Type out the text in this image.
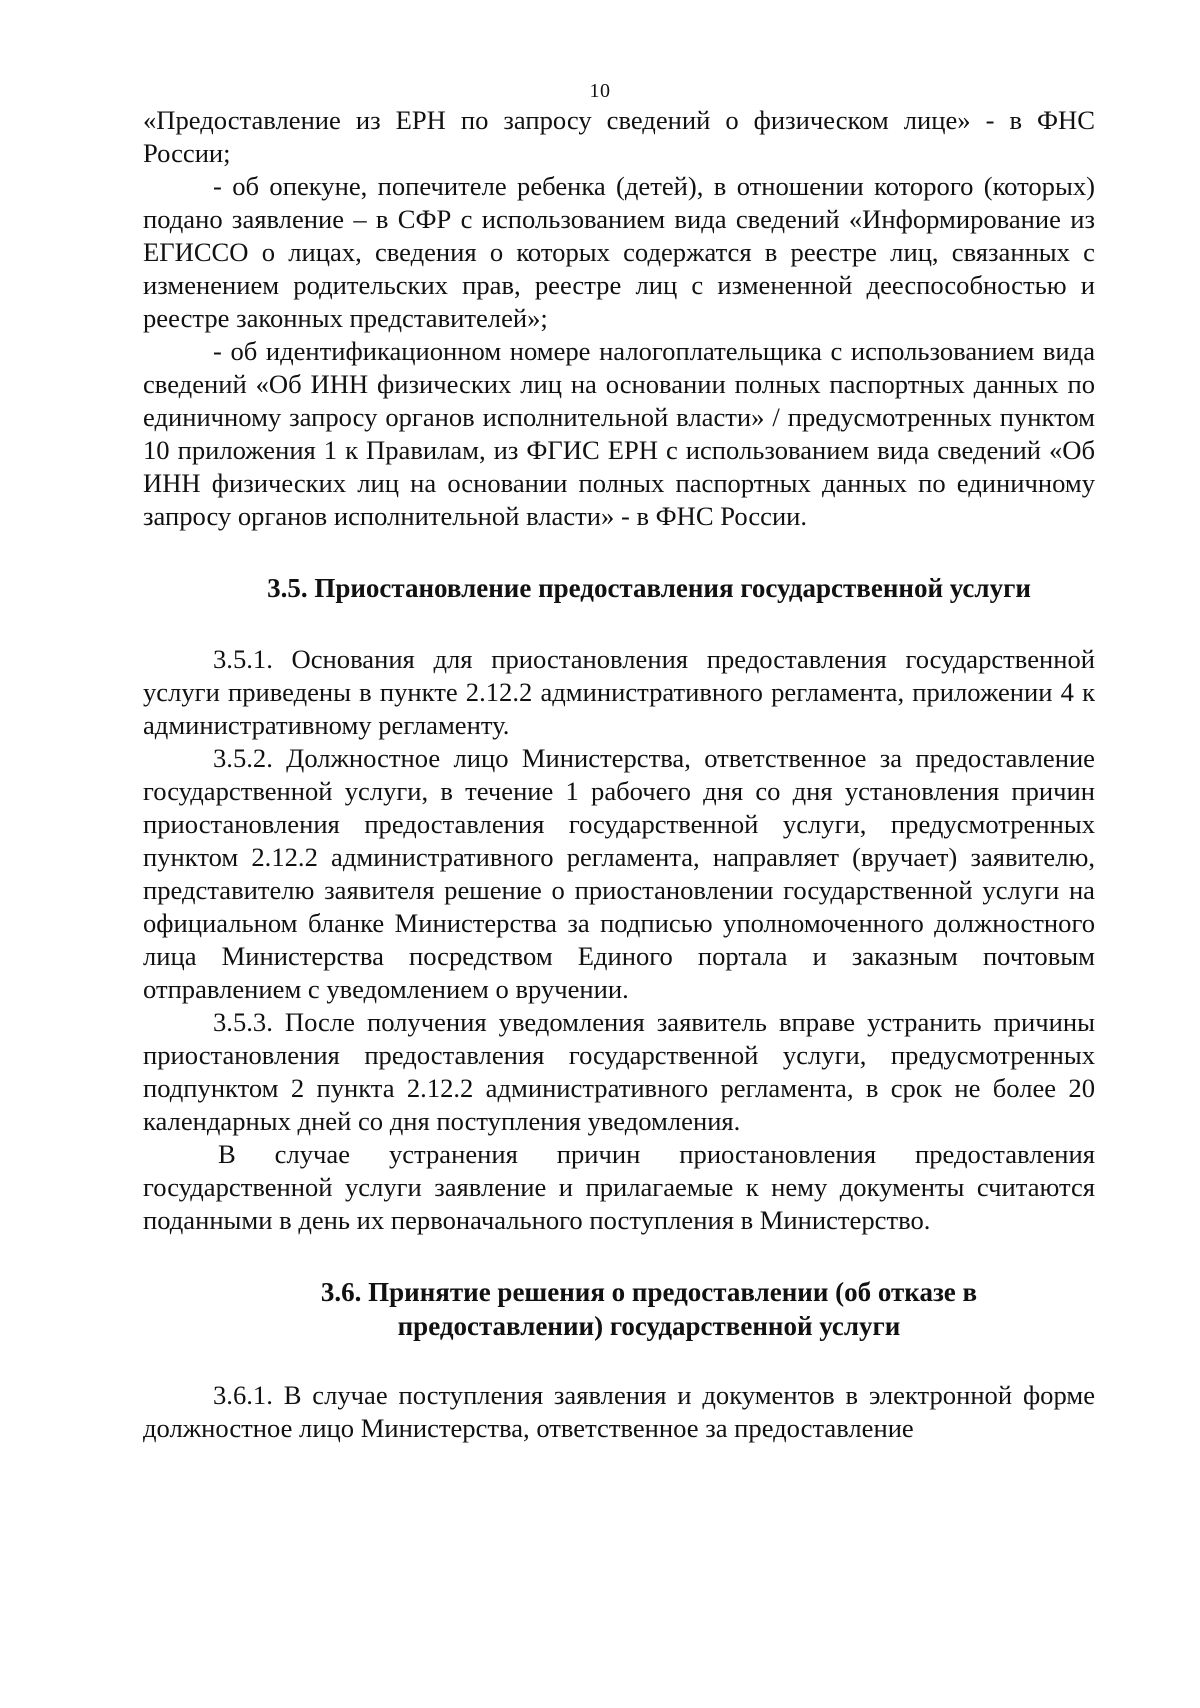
10

«Предоставление из ЕРН по запросу сведений о физическом лице» - в ФНС России;

- об опекуне, попечителе ребенка (детей), в отношении которого (которых) подано заявление – в СФР с использованием вида сведений «Информирование из ЕГИССО о лицах, сведения о которых содержатся в реестре лиц, связанных с изменением родительских прав, реестре лиц с измененной дееспособностью и реестре законных представителей»;

- об идентификационном номере налогоплательщика с использованием вида сведений «Об ИНН физических лиц на основании полных паспортных данных по единичному запросу органов исполнительной власти» / предусмотренных пунктом 10 приложения 1 к Правилам, из ФГИС ЕРН с использованием вида сведений «Об ИНН физических лиц на основании полных паспортных данных по единичному запросу органов исполнительной власти» - в ФНС России.

3.5. Приостановление предоставления государственной услуги

3.5.1. Основания для приостановления предоставления государственной услуги приведены в пункте 2.12.2 административного регламента, приложении 4 к административному регламенту.

3.5.2. Должностное лицо Министерства, ответственное за предоставление государственной услуги, в течение 1 рабочего дня со дня установления причин приостановления предоставления государственной услуги, предусмотренных пунктом 2.12.2 административного регламента, направляет (вручает) заявителю, представителю заявителя решение о приостановлении государственной услуги на официальном бланке Министерства за подписью уполномоченного должностного лица Министерства посредством Единого портала и заказным почтовым отправлением с уведомлением о вручении.

3.5.3. После получения уведомления заявитель вправе устранить причины приостановления предоставления государственной услуги, предусмотренных подпунктом 2 пункта 2.12.2 административного регламента, в срок не более 20 календарных дней со дня поступления уведомления.

В случае устранения причин приостановления предоставления государственной услуги заявление и прилагаемые к нему документы считаются поданными в день их первоначального поступления в Министерство.

3.6. Принятие решения о предоставлении (об отказе в
предоставлении) государственной услуги

3.6.1. В случае поступления заявления и документов в электронной форме должностное лицо Министерства, ответственное за предоставление
